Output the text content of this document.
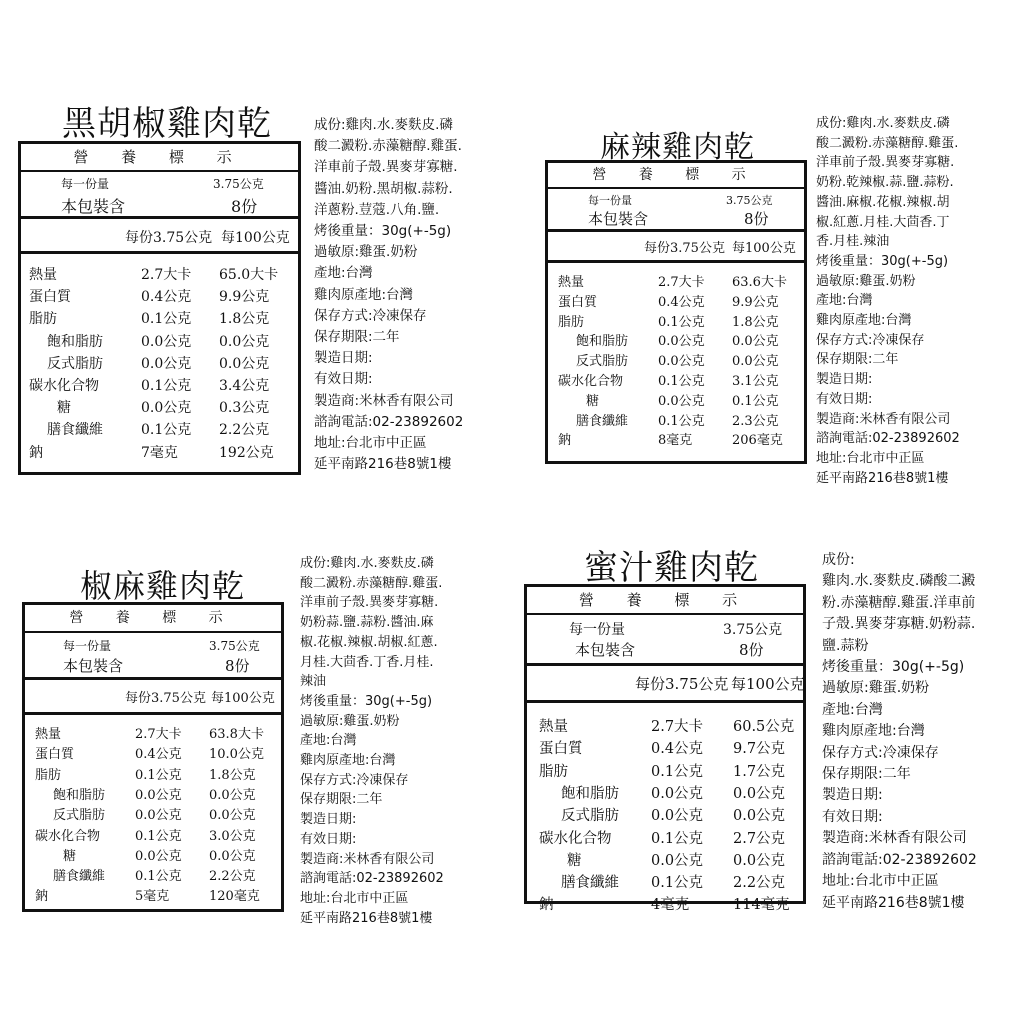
黑胡椒雞肉乾
營 養 標 示
每一份量	3.75公克
本包裝含	8份
每份3.75公克 每100公克
熱量	2.7大卡 65.0大卡
蛋白質	0.4公克 9.9公克
脂肪	0.1公克 1.8公克
飽和脂肪	0.0公克 0.0公克
反式脂肪	0.0公克 0.0公克
碳水化合物	0.1公克 3.4公克
糖	0.0公克 0.3公克
膳食纖維	0.1公克 2.2公克
鈉	7毫克	192公克
成份:雞肉.水.麥麩皮.磷
酸二澱粉.赤藻糖醇.雞蛋.
洋車前子殼.異麥芽寡糖.
醬油.奶粉.黑胡椒.蒜粉.
洋蔥粉.荳蔻.八角.鹽.
烤後重量：30g(+-5g)
過敏原:雞蛋.奶粉
產地:台灣
雞肉原產地:台灣
保存方式:冷凍保存
保存期限:二年
製造日期:
有效日期:
製造商:米林香有限公司
諮詢電話:02-23892602
地址:台北市中正區
延平南路216巷8號1樓
麻辣雞肉乾
營 養 標 示
每一份量	3.75公克
本包裝含	8份
每份3.75公克 每100公克
熱量	2.7大卡 63.6大卡
蛋白質	0.4公克 9.9公克
脂肪	0.1公克 1.8公克
飽和脂肪 0.0公克 0.0公克
反式脂肪 0.0公克 0.0公克
碳水化合物	0.1公克 3.1公克
糖	0.0公克 0.1公克
膳食纖維 0.1公克 2.3公克
鈉	8毫克	206毫克
成份:雞肉.水.麥麩皮.磷
酸二澱粉.赤藻糖醇.雞蛋.
洋車前子殼.異麥芽寡糖.
奶粉.乾辣椒.蒜.鹽.蒜粉.
醬油.麻椒.花椒.辣椒.胡
椒.紅蔥.月桂.大茴香.丁
香.月桂.辣油
烤後重量：30g(+-5g)
過敏原:雞蛋.奶粉
產地:台灣
雞肉原產地:台灣
保存方式:冷凍保存
保存期限:二年
製造日期:
有效日期:
製造商:米林香有限公司
諮詢電話:02-23892602
地址:台北市中正區
延平南路216巷8號1樓
椒麻雞肉乾
營 養 標 示
每一份量	3.75公克
本包裝含	8份
每份3.75公克 每100公克
熱量	2.7大卡 63.8大卡
蛋白質	0.4公克 10.0公克
脂肪	0.1公克 1.8公克
飽和脂肪 0.0公克 0.0公克
反式脂肪 0.0公克 0.0公克
碳水化合物	0.1公克 3.0公克
糖	0.0公克 0.0公克
膳食纖維 0.1公克 2.2公克
鈉	5毫克	120毫克
成份:雞肉.水.麥麩皮.磷
酸二澱粉.赤藻糖醇.雞蛋.
洋車前子殼.異麥芽寡糖.
奶粉蒜.鹽.蒜粉.醬油.麻
椒.花椒.辣椒.胡椒.紅蔥.
月桂.大茴香.丁香.月桂.
辣油
烤後重量：30g(+-5g)
過敏原:雞蛋.奶粉
產地:台灣
雞肉原產地:台灣
保存方式:冷凍保存
保存期限:二年
製造日期:
有效日期:
製造商:米林香有限公司
諮詢電話:02-23892602
地址:台北市中正區
延平南路216巷8號1樓
蜜汁雞肉乾
營 養 標 示
每一份量	3.75公克
本包裝含	8份
每份3.75公克 每100公克
熱量	2.7大卡 60.5公克
蛋白質	0.4公克 9.7公克
脂肪	0.1公克 1.7公克
飽和脂肪 0.0公克 0.0公克
反式脂肪 0.0公克 0.0公克
碳水化合物	0.1公克 2.7公克
糖	0.0公克 0.0公克
膳食纖維 0.1公克 2.2公克
鈉	4毫克	114毫克
成份:
雞肉.水.麥麩皮.磷酸二澱
粉.赤藻糖醇.雞蛋.洋車前
子殼.異麥芽寡糖.奶粉蒜.
鹽.蒜粉
烤後重量：30g(+-5g)
過敏原:雞蛋.奶粉
產地:台灣
雞肉原產地:台灣
保存方式:冷凍保存
保存期限:二年
製造日期:
有效日期:
製造商:米林香有限公司
諮詢電話:02-23892602
地址:台北市中正區
延平南路216巷8號1樓
